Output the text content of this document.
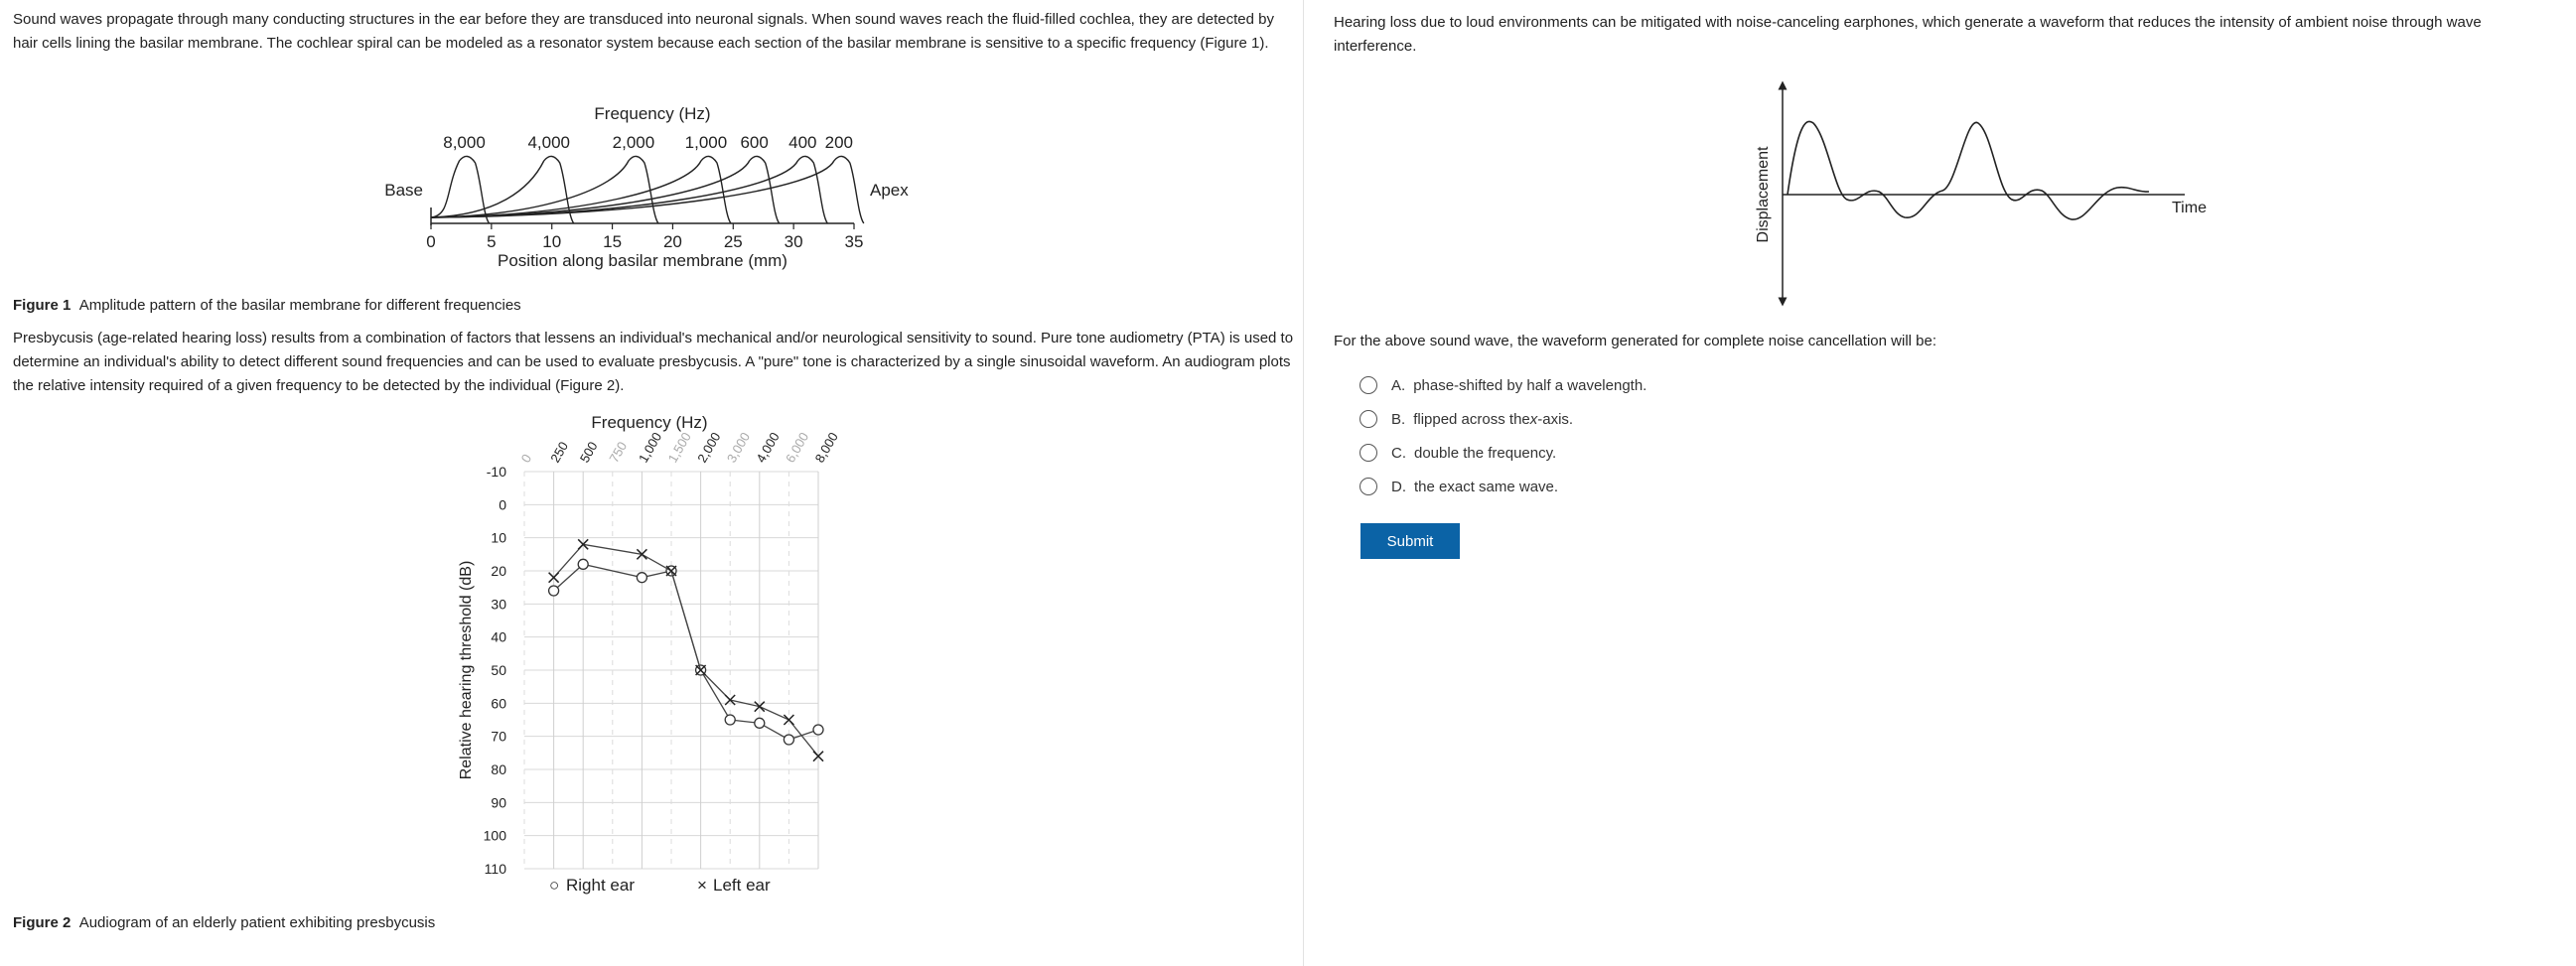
Sound waves propagate through many conducting structures in the ear before they are transduced into neuronal signals. When sound waves reach the fluid-filled cochlea, they are detected by hair cells lining the basilar membrane. The cochlear spiral can be modeled as a resonator system because each section of the basilar membrane is sensitive to a specific frequency (Figure 1).

Frequency (Hz)
Base	Apex
0	5	10 15 20 25 30 35
Position along basilar membrane (mm)
8,000	4,000	2,000 1,000 600 400 200
Figure 1 Amplitude pattern of the basilar membrane for different frequencies

Presbycusis (age-related hearing loss) results from a combination of factors that lessens an individual's mechanical and/or neurological sensitivity to sound. Pure tone audiometry (PTA) is used to determine an individual's ability to detect different sound frequencies and can be used to evaluate presbycusis. A "pure" tone is characterized by a single sinusoidal waveform. An audiogram plots the relative intensity required of a given frequency to be detected by the individual (Figure 2).

Frequency (Hz)
-10
0
10
20
30
40
50
60
70
80
90
100
110
0 250 500 750 1,000 1,500 2,000 3,000 4,000 6,000 8,000
Relative hearing threshold (dB)
○ Right ear	× Left ear
Figure 2 Audiogram of an elderly patient exhibiting presbycusis

Hearing loss due to loud environments can be mitigated with noise-canceling earphones, which generate a waveform that reduces the intensity of ambient noise through wave interference.

Displacement	Time

For the above sound wave, the waveform generated for complete noise cancellation will be:

A. phase-shifted by half a wavelength.
B. flipped across the x -axis.
C. double the frequency.
D. the exact same wave.
Submit
